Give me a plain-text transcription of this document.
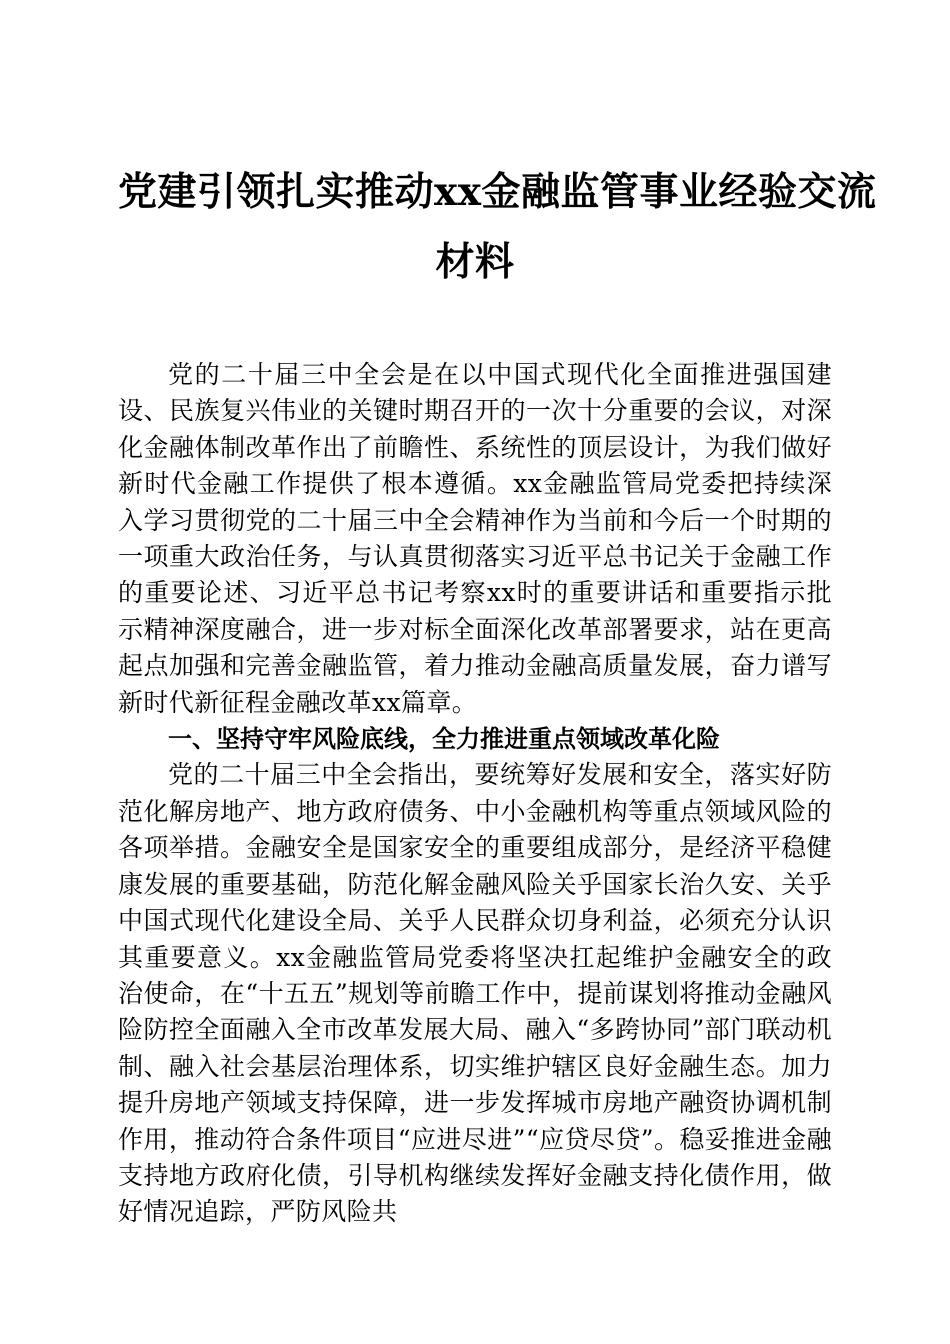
党建引领扎实推动xx金融监管事业经验交流
材料

党的二十届三中全会是在以中国式现代化全面推进强国建设、民族复兴伟业的关键时期召开的一次十分重要的会议，对深化金融体制改革作出了前瞻性、系统性的顶层设计，为我们做好新时代金融工作提供了根本遵循。xx金融监管局党委把持续深入学习贯彻党的二十届三中全会精神作为当前和今后一个时期的一项重大政治任务，与认真贯彻落实习近平总书记关于金融工作的重要论述、习近平总书记考察xx时的重要讲话和重要指示批示精神深度融合，进一步对标全面深化改革部署要求，站在更高起点加强和完善金融监管，着力推动金融高质量发展，奋力谱写新时代新征程金融改革xx篇章。

一、坚持守牢风险底线，全力推进重点领域改革化险

党的二十届三中全会指出，要统筹好发展和安全，落实好防范化解房地产、地方政府债务、中小金融机构等重点领域风险的各项举措。金融安全是国家安全的重要组成部分，是经济平稳健康发展的重要基础，防范化解金融风险关乎国家长治久安、关乎中国式现代化建设全局、关乎人民群众切身利益，必须充分认识其重要意义。xx金融监管局党委将坚决扛起维护金融安全的政治使命，在“十五五”规划等前瞻工作中，提前谋划将推动金融风险防控全面融入全市改革发展大局、融入“多跨协同”部门联动机制、融入社会基层治理体系，切实维护辖区良好金融生态。加力提升房地产领域支持保障，进一步发挥城市房地产融资协调机制作用，推动符合条件项目“应进尽进”“应贷尽贷”。稳妥推进金融支持地方政府化债，引导机构继续发挥好金融支持化债作用，做好情况追踪，严防风险共
